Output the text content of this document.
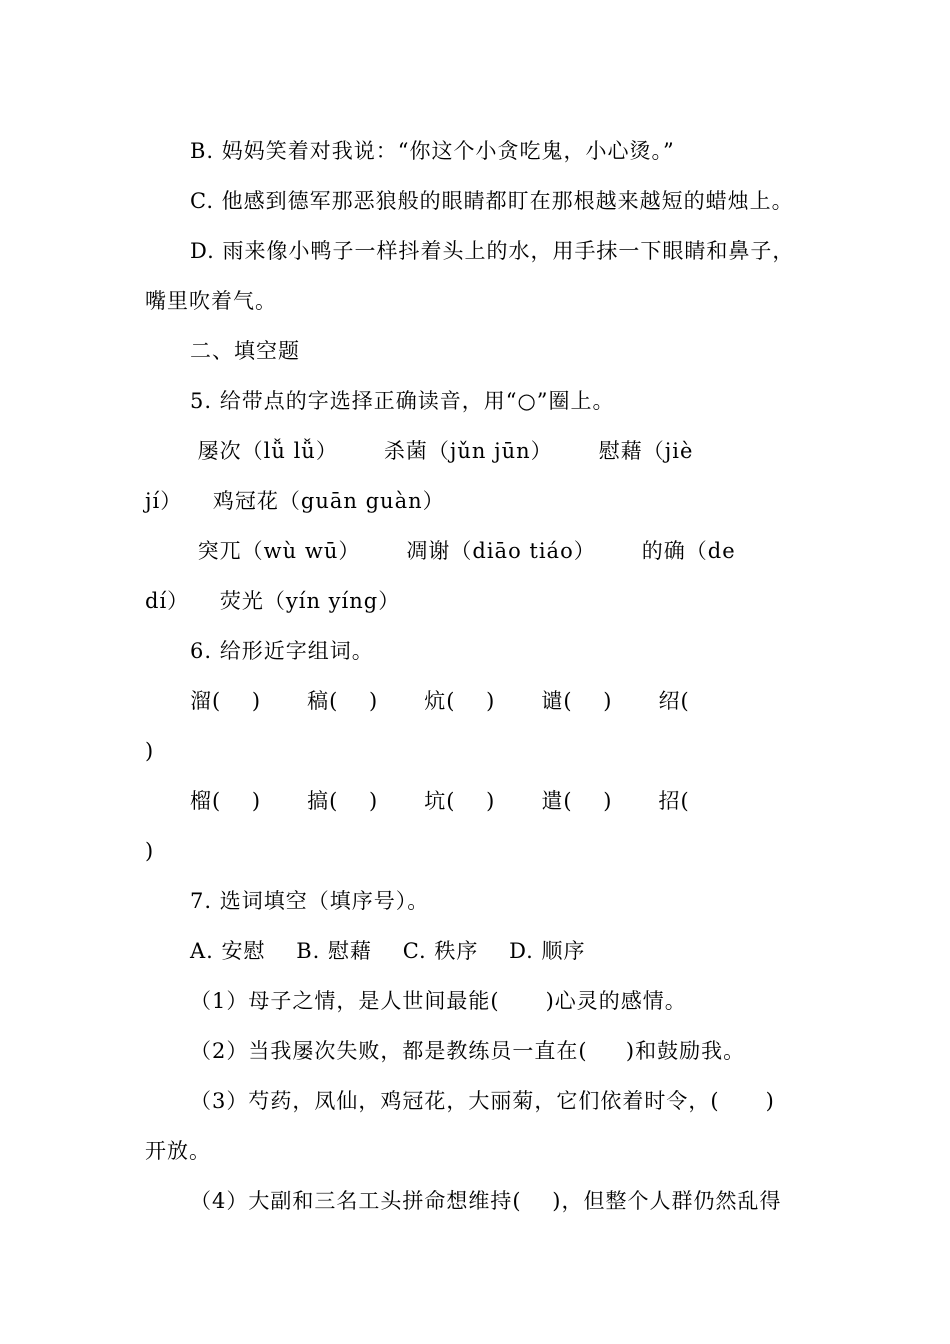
B. 妈妈笑着对我说：“你这个小贪吃鬼，小心烫。”
C. 他感到德军那恶狼般的眼睛都盯在那根越来越短的蜡烛上。
D. 雨来像小鸭子一样抖着头上的水，用手抹一下眼睛和鼻子，
嘴里吹着气。
二、填空题
5. 给带点的字选择正确读音，用“○”圈上。
屡次（lǚ lǚ）      杀菌（jǔn jūn）      慰藉（jiè
jí）    鸡冠花（guān guàn）
突兀（wù wū）      凋谢（diāo tiáo）      的确（de
dí）    荧光（yín yíng）
6. 给形近字组词。
溜(    )      稿(    )      炕(    )      谴(    )      绍(
)
榴(    )      搞(    )      坑(    )      遣(    )      招(
)
7. 选词填空（填序号）。
A. 安慰    B. 慰藉    C. 秩序    D. 顺序
（1）母子之情，是人世间最能(      )心灵的感情。
（2）当我屡次失败，都是教练员一直在(     )和鼓励我。
（3）芍药，凤仙，鸡冠花，大丽菊，它们依着时令，(      )
开放。
（4）大副和三名工头拼命想维持(    )，但整个人群仍然乱得
